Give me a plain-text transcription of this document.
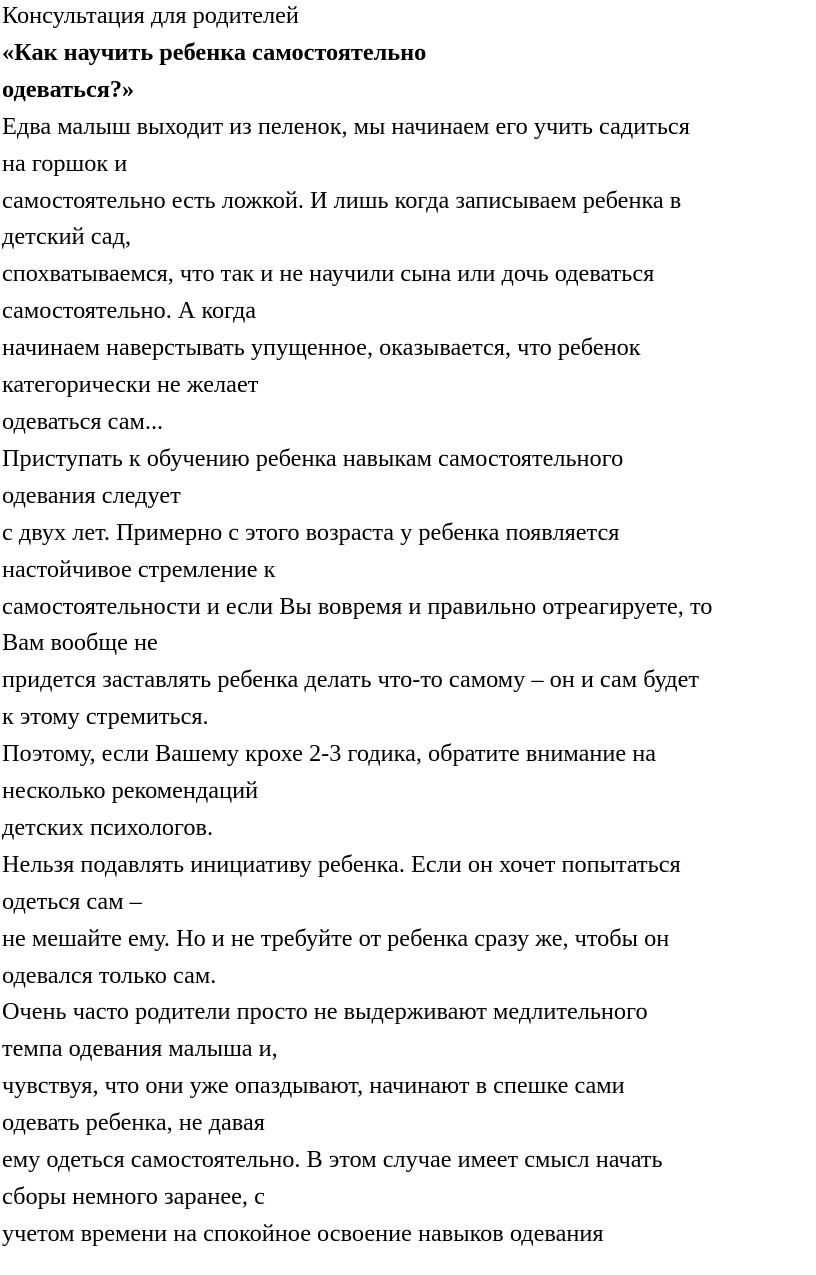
Консультация для родителей

«Как научить ребенка самостоятельно

одеваться?»

Едва малыш выходит из пеленок, мы начинаем его учить садиться

на горшок и

самостоятельно есть ложкой. И лишь когда записываем ребенка в

детский сад,

спохватываемся, что так и не научили сына или дочь одеваться

самостоятельно. А когда

начинаем наверстывать упущенное, оказывается, что ребенок

категорически не желает

одеваться сам...

Приступать к обучению ребенка навыкам самостоятельного

одевания следует

с двух лет. Примерно с этого возраста у ребенка появляется

настойчивое стремление к

самостоятельности и если Вы вовремя и правильно отреагируете, то

Вам вообще не

придется заставлять ребенка делать что-то самому – он и сам будет

к этому стремиться.

Поэтому, если Вашему крохе 2-3 годика, обратите внимание на

несколько рекомендаций

детских психологов.

Нельзя подавлять инициативу ребенка. Если он хочет попытаться

одеться сам –

не мешайте ему. Но и не требуйте от ребенка сразу же, чтобы он

одевался только сам.

Очень часто родители просто не выдерживают медлительного

темпа одевания малыша и,

чувствуя, что они уже опаздывают, начинают в спешке сами

одевать ребенка, не давая

ему одеться самостоятельно. В этом случае имеет смысл начать

сборы немного заранее, с

учетом времени на спокойное освоение навыков одевания
